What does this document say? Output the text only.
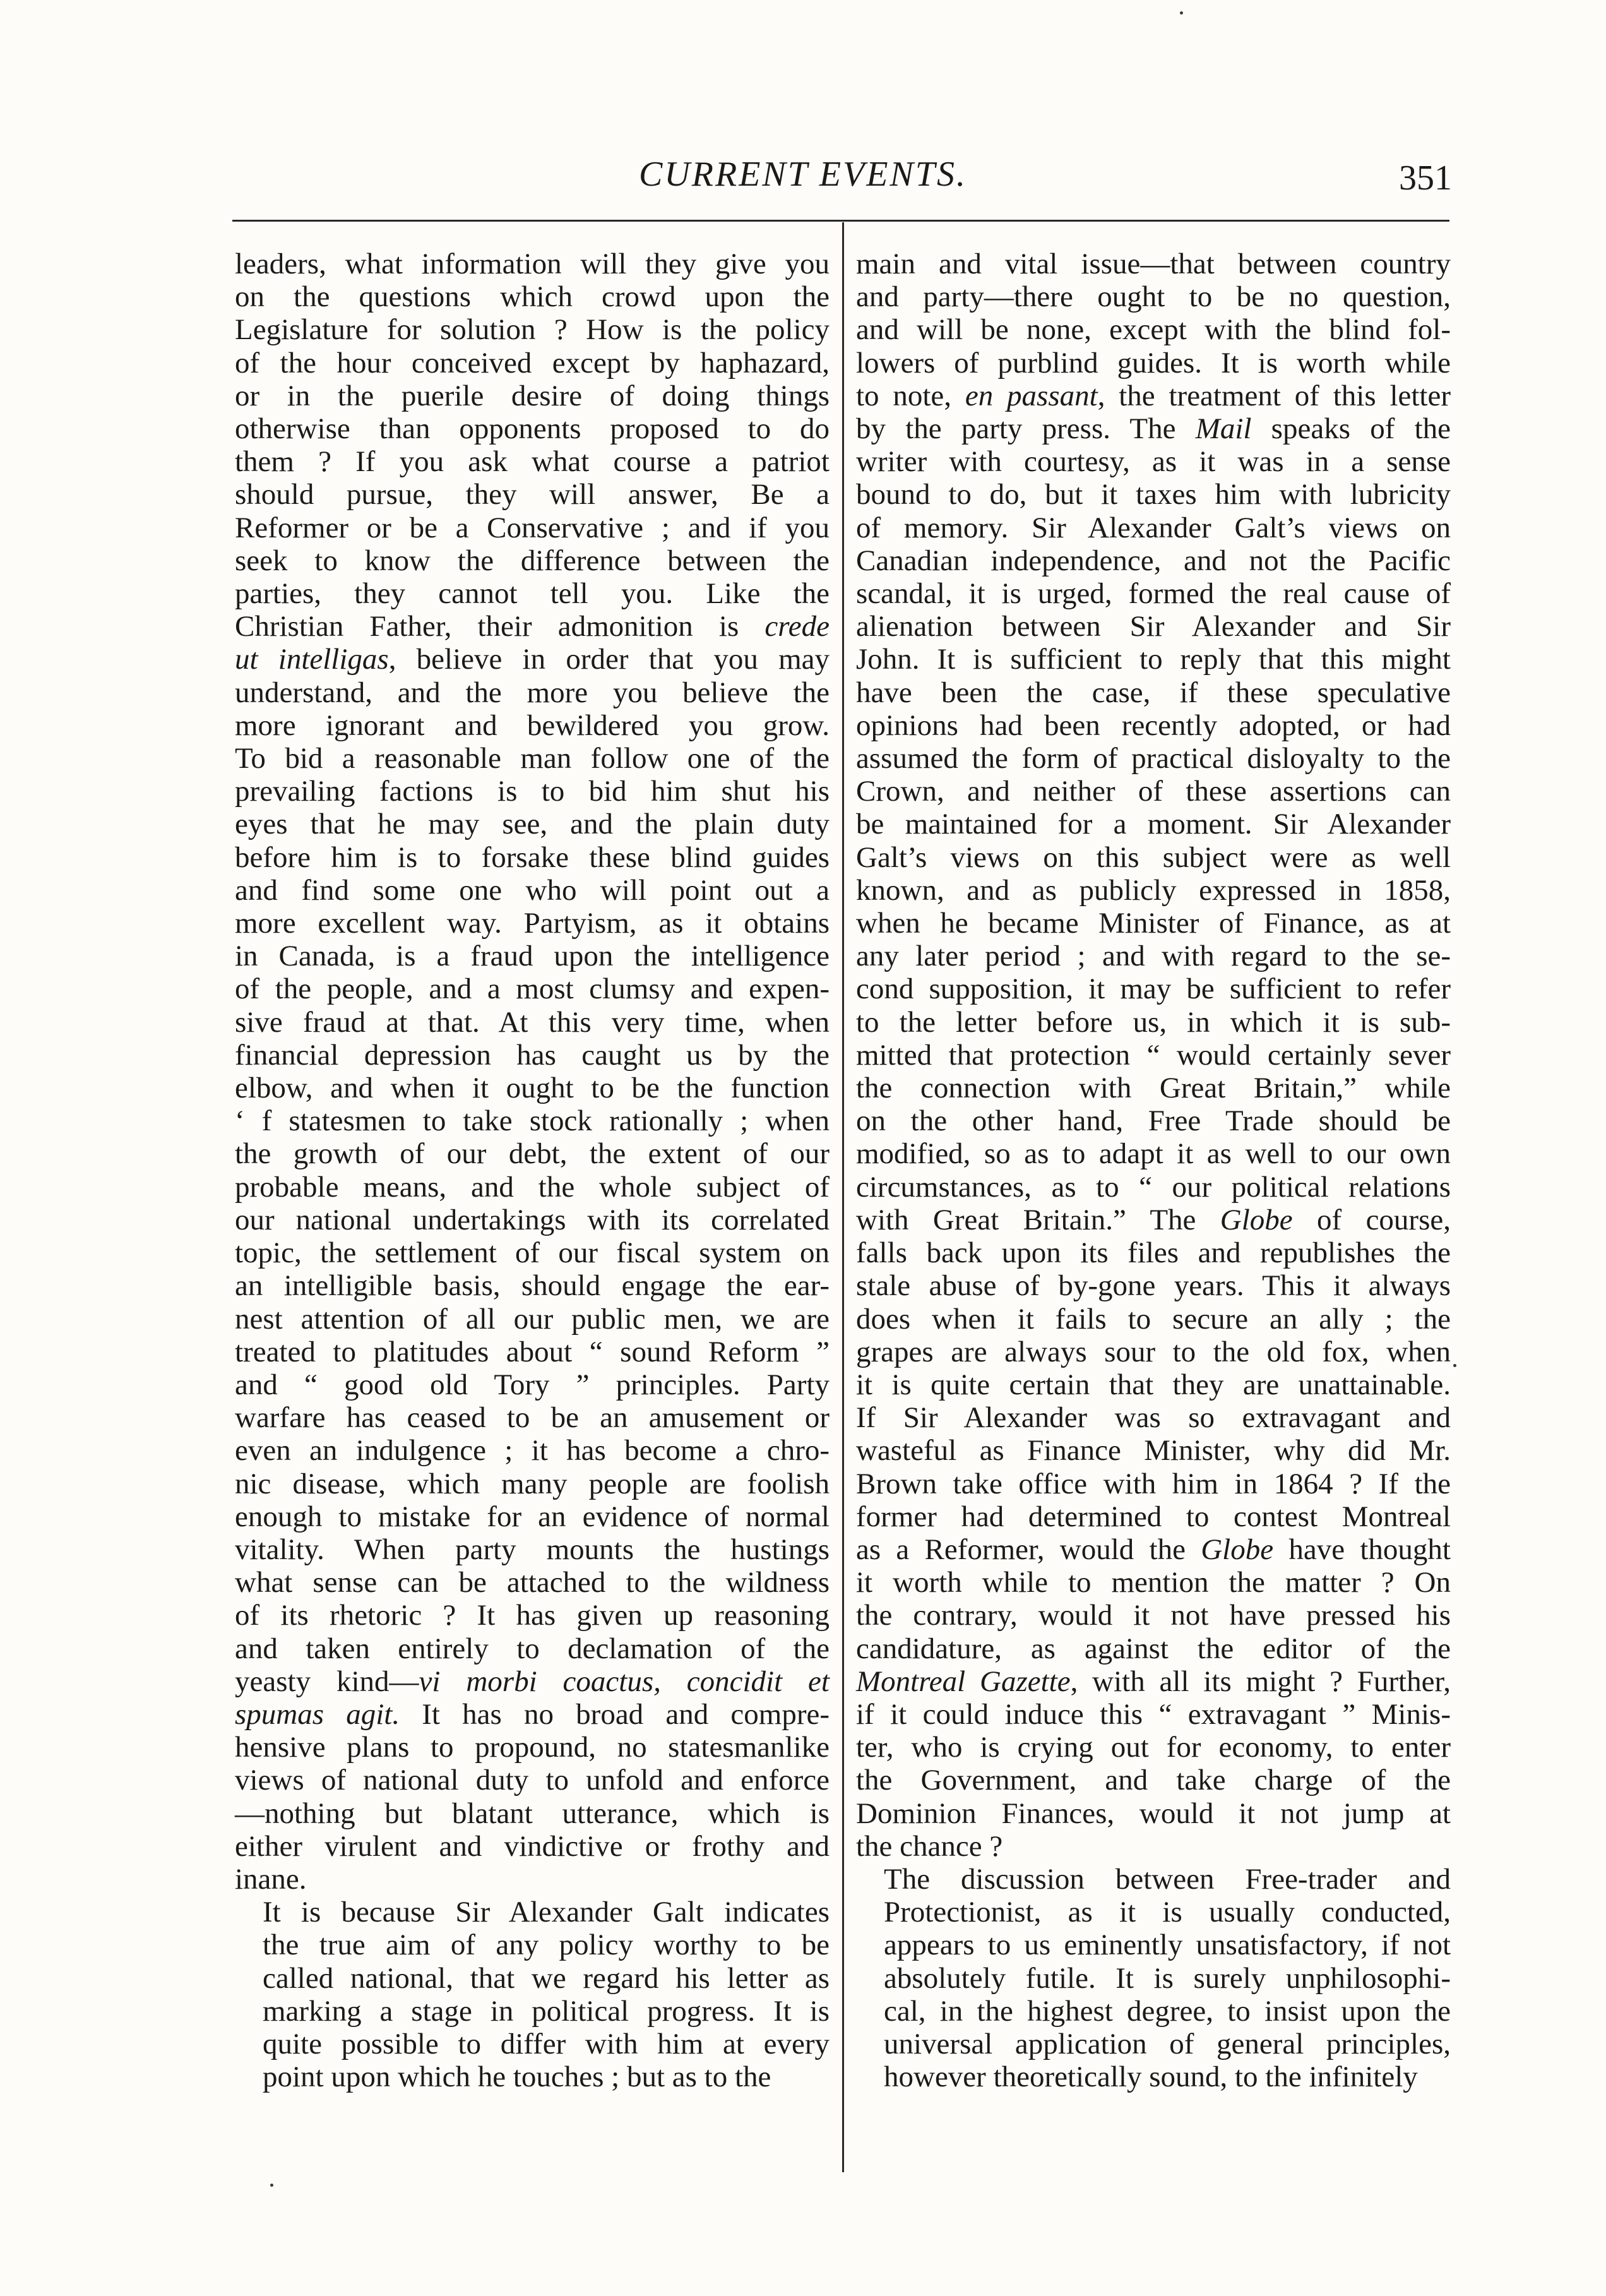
CURRENT EVENTS.	351

leaders, what information will they give you
on the questions which crowd upon the
Legislature for solution ? How is the policy
of the hour conceived except by haphazard,
or in the puerile desire of doing things
otherwise than opponents proposed to do
them ? If you ask what course a patriot
should pursue, they will answer, Be a
Reformer or be a Conservative ; and if you
seek to know the difference between the
parties, they cannot tell you. Like the
Christian Father, their admonition is crede
ut intelligas, believe in order that you may
understand, and the more you believe the
more ignorant and bewildered you grow.
To bid a reasonable man follow one of the
prevailing factions is to bid him shut his
eyes that he may see, and the plain duty
before him is to forsake these blind guides
and find some one who will point out a
more excellent way. Partyism, as it obtains
in Canada, is a fraud upon the intelligence
of the people, and a most clumsy and expen-
sive fraud at that. At this very time, when
financial depression has caught us by the
elbow, and when it ought to be the function
‘ f statesmen to take stock rationally ; when
the growth of our debt, the extent of our
probable means, and the whole subject of
our national undertakings with its correlated
topic, the settlement of our fiscal system on
an intelligible basis, should engage the ear-
nest attention of all our public men, we are
treated to platitudes about “ sound Reform ”
and “ good old Tory ” principles. Party
warfare has ceased to be an amusement or
even an indulgence ; it has become a chro-
nic disease, which many people are foolish
enough to mistake for an evidence of normal
vitality. When party mounts the hustings
what sense can be attached to the wildness
of its rhetoric ? It has given up reasoning
and taken entirely to declamation of the
yeasty kind—vi morbi coactus, concidit et
spumas agit. It has no broad and compre-
hensive plans to propound, no statesmanlike
views of national duty to unfold and enforce
—nothing but blatant utterance, which is
either virulent and vindictive or frothy and
inane.

It is because Sir Alexander Galt indicates
the true aim of any policy worthy to be
called national, that we regard his letter as
marking a stage in political progress. It is
quite possible to differ with him at every
point upon which he touches ; but as to the

main and vital issue—that between country
and party—there ought to be no question,
and will be none, except with the blind fol-
lowers of purblind guides. It is worth while
to note, en passant, the treatment of this letter
by the party press. The Mail speaks of the
writer with courtesy, as it was in a sense
bound to do, but it taxes him with lubricity
of memory. Sir Alexander Galt’s views on
Canadian independence, and not the Pacific
scandal, it is urged, formed the real cause of
alienation between Sir Alexander and Sir
John. It is sufficient to reply that this might
have been the case, if these speculative
opinions had been recently adopted, or had
assumed the form of practical disloyalty to the
Crown, and neither of these assertions can
be maintained for a moment. Sir Alexander
Galt’s views on this subject were as well
known, and as publicly expressed in 1858,
when he became Minister of Finance, as at
any later period ; and with regard to the se-
cond supposition, it may be sufficient to refer
to the letter before us, in which it is sub-
mitted that protection “ would certainly sever
the connection with Great Britain,” while
on the other hand, Free Trade should be
modified, so as to adapt it as well to our own
circumstances, as to “ our political relations
with Great Britain.” The Globe of course,
falls back upon its files and republishes the
stale abuse of by-gone years. This it always
does when it fails to secure an ally ; the
grapes are always sour to the old fox, when
it is quite certain that they are unattainable.
If Sir Alexander was so extravagant and
wasteful as Finance Minister, why did Mr.
Brown take office with him in 1864 ? If the
former had determined to contest Montreal
as a Reformer, would the Globe have thought
it worth while to mention the matter ? On
the contrary, would it not have pressed his
candidature, as against the editor of the
Montreal Gazette, with all its might ? Further,
if it could induce this “ extravagant ” Minis-
ter, who is crying out for economy, to enter
the Government, and take charge of the
Dominion Finances, would it not jump at
the chance ?

The discussion between Free-trader and
Protectionist, as it is usually conducted,
appears to us eminently unsatisfactory, if not
absolutely futile. It is surely unphilosophi-
cal, in the highest degree, to insist upon the
universal application of general principles,
however theoretically sound, to the infinitely
